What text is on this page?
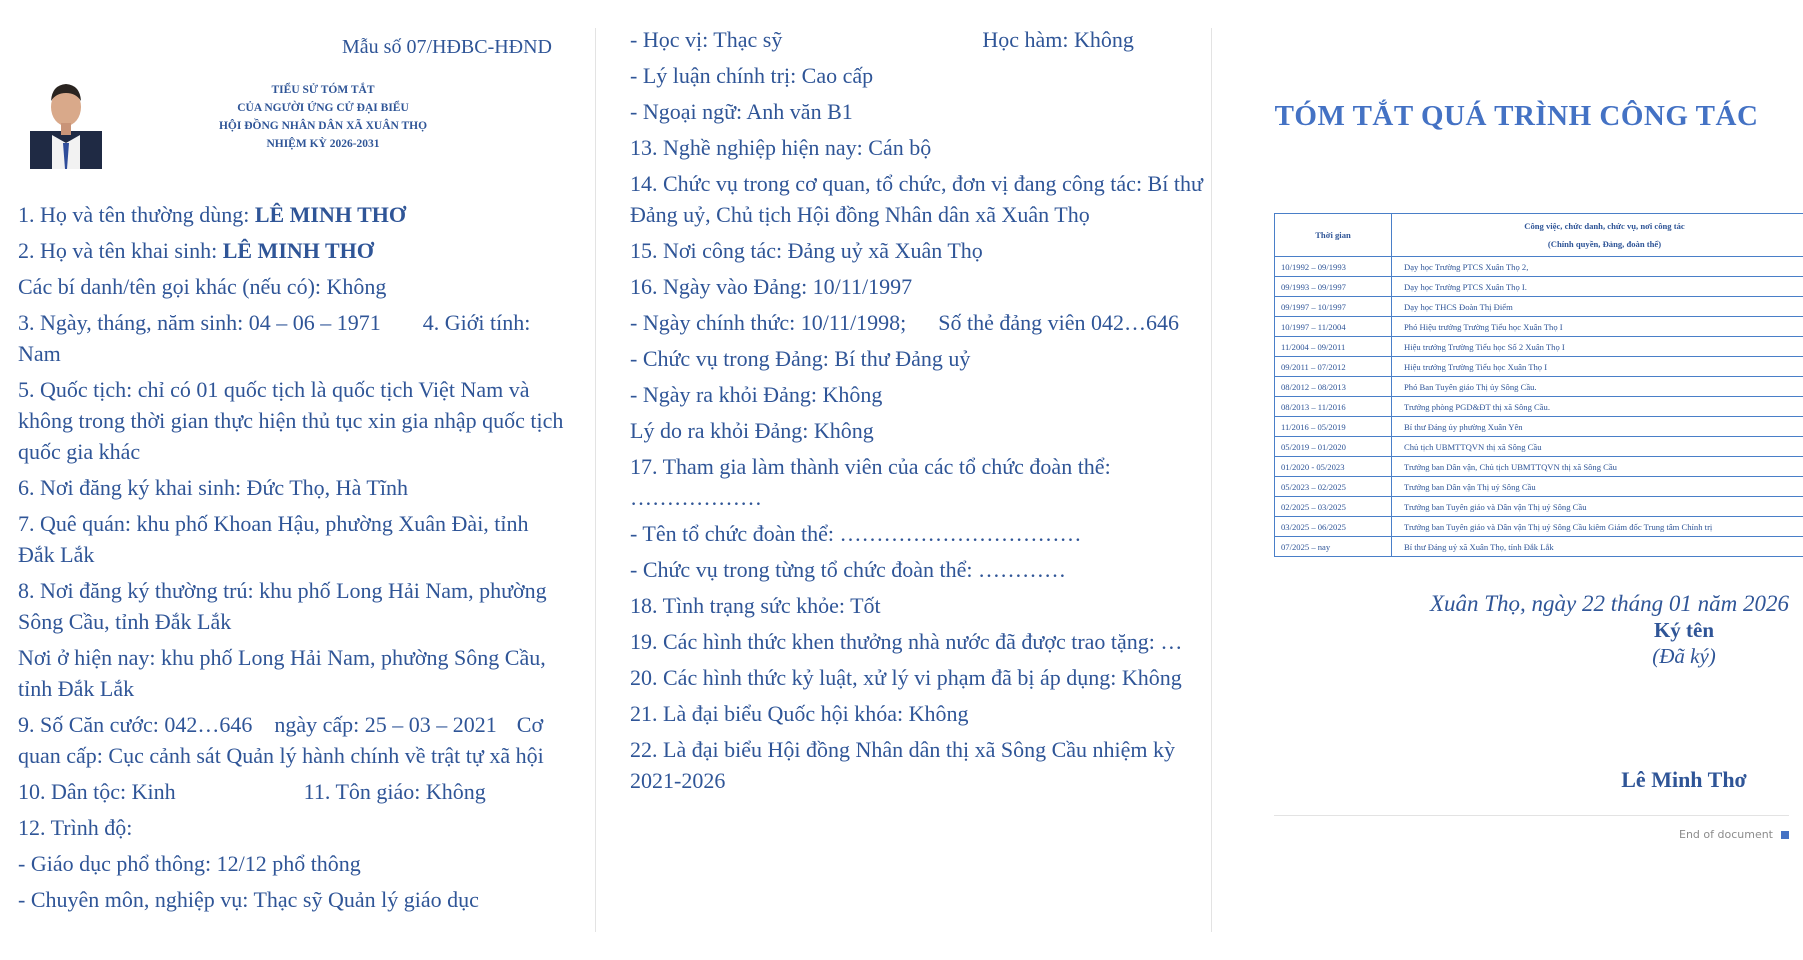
Mẫu số 07/HĐBC-HĐND
TIỂU SỬ TÓM TẮT
CỦA NGƯỜI ỨNG CỬ ĐẠI BIỂU
HỘI ĐỒNG NHÂN DÂN XÃ XUÂN THỌ
NHIỆM KỲ 2026-2031
1. Họ và tên thường dùng: LÊ MINH THƠ
2. Họ và tên khai sinh: LÊ MINH THƠ
Các bí danh/tên gọi khác (nếu có): Không
3. Ngày, tháng, năm sinh: 04 – 06 – 1971 4. Giới tính: Nam
5. Quốc tịch: chỉ có 01 quốc tịch là quốc tịch Việt Nam và không trong thời gian thực hiện thủ tục xin gia nhập quốc tịch quốc gia khác
6. Nơi đăng ký khai sinh: Đức Thọ, Hà Tĩnh
7. Quê quán: khu phố Khoan Hậu, phường Xuân Đài, tỉnh Đắk Lắk
8. Nơi đăng ký thường trú: khu phố Long Hải Nam, phường Sông Cầu, tỉnh Đắk Lắk
Nơi ở hiện nay: khu phố Long Hải Nam, phường Sông Cầu, tỉnh Đắk Lắk
9. Số Căn cước: 042…646 ngày cấp: 25 – 03 – 2021 Cơ quan cấp: Cục cảnh sát Quản lý hành chính về trật tự xã hội
10. Dân tộc: Kinh	11. Tôn giáo: Không
12. Trình độ:
- Giáo dục phổ thông: 12/12 phổ thông
- Chuyên môn, nghiệp vụ: Thạc sỹ Quản lý giáo dục
- Học vị: Thạc sỹ	Học hàm: Không
- Lý luận chính trị: Cao cấp
- Ngoại ngữ: Anh văn B1
13. Nghề nghiệp hiện nay: Cán bộ
14. Chức vụ trong cơ quan, tổ chức, đơn vị đang công tác: Bí thư Đảng uỷ, Chủ tịch Hội đồng Nhân dân xã Xuân Thọ
15. Nơi công tác: Đảng uỷ xã Xuân Thọ
16. Ngày vào Đảng: 10/11/1997
- Ngày chính thức: 10/11/1998; Số thẻ đảng viên 042…646
- Chức vụ trong Đảng: Bí thư Đảng uỷ
- Ngày ra khỏi Đảng: Không
Lý do ra khỏi Đảng: Không
17. Tham gia làm thành viên của các tổ chức đoàn thể: ………………
- Tên tổ chức đoàn thể: ……………………………
- Chức vụ trong từng tổ chức đoàn thể: …………
18. Tình trạng sức khỏe: Tốt
19. Các hình thức khen thưởng nhà nước đã được trao tặng: …
20. Các hình thức kỷ luật, xử lý vi phạm đã bị áp dụng: Không
21. Là đại biểu Quốc hội khóa: Không
22. Là đại biểu Hội đồng Nhân dân thị xã Sông Cầu nhiệm kỳ 2021-2026
TÓM TẮT QUÁ TRÌNH CÔNG TÁC
Thời gian	Công việc, chức danh, chức vụ, nơi công tác
(Chính quyền, Đảng, đoàn thể)

10/1992 – 09/1993	Dạy học Trường PTCS Xuân Thọ 2,
09/1993 – 09/1997	Dạy học Trường PTCS Xuân Thọ I.
09/1997 – 10/1997	Dạy học THCS Đoàn Thị Điểm
10/1997 – 11/2004	Phó Hiệu trưởng Trường Tiểu học Xuân Thọ I
11/2004 – 09/2011	Hiệu trưởng Trường Tiểu học Số 2 Xuân Thọ I
09/2011 – 07/2012	Hiệu trưởng Trường Tiểu học Xuân Thọ I
08/2012 – 08/2013	Phó Ban Tuyên giáo Thị ủy Sông Cầu.
08/2013 – 11/2016	Trưởng phòng PGD&ĐT thị xã Sông Cầu.
11/2016 – 05/2019	Bí thư Đảng ủy phường Xuân Yên
05/2019 – 01/2020	Chủ tịch UBMTTQVN thị xã Sông Cầu
01/2020 - 05/2023	Trưởng ban Dân vận, Chủ tịch UBMTTQVN thị xã Sông Cầu
05/2023 – 02/2025	Trưởng ban Dân vận Thị uỷ Sông Cầu
02/2025 – 03/2025	Trưởng ban Tuyên giáo và Dân vận Thị uỷ Sông Cầu
03/2025 – 06/2025	Trưởng ban Tuyên giáo và Dân vận Thị uỷ Sông Cầu kiêm Giám đốc Trung tâm Chính trị
07/2025 – nay	Bí thư Đảng uỷ xã Xuân Thọ, tỉnh Đắk Lắk
Xuân Thọ, ngày 22 tháng 01 năm 2026
Ký tên
(Đã ký)
Lê Minh Thơ
End of document
